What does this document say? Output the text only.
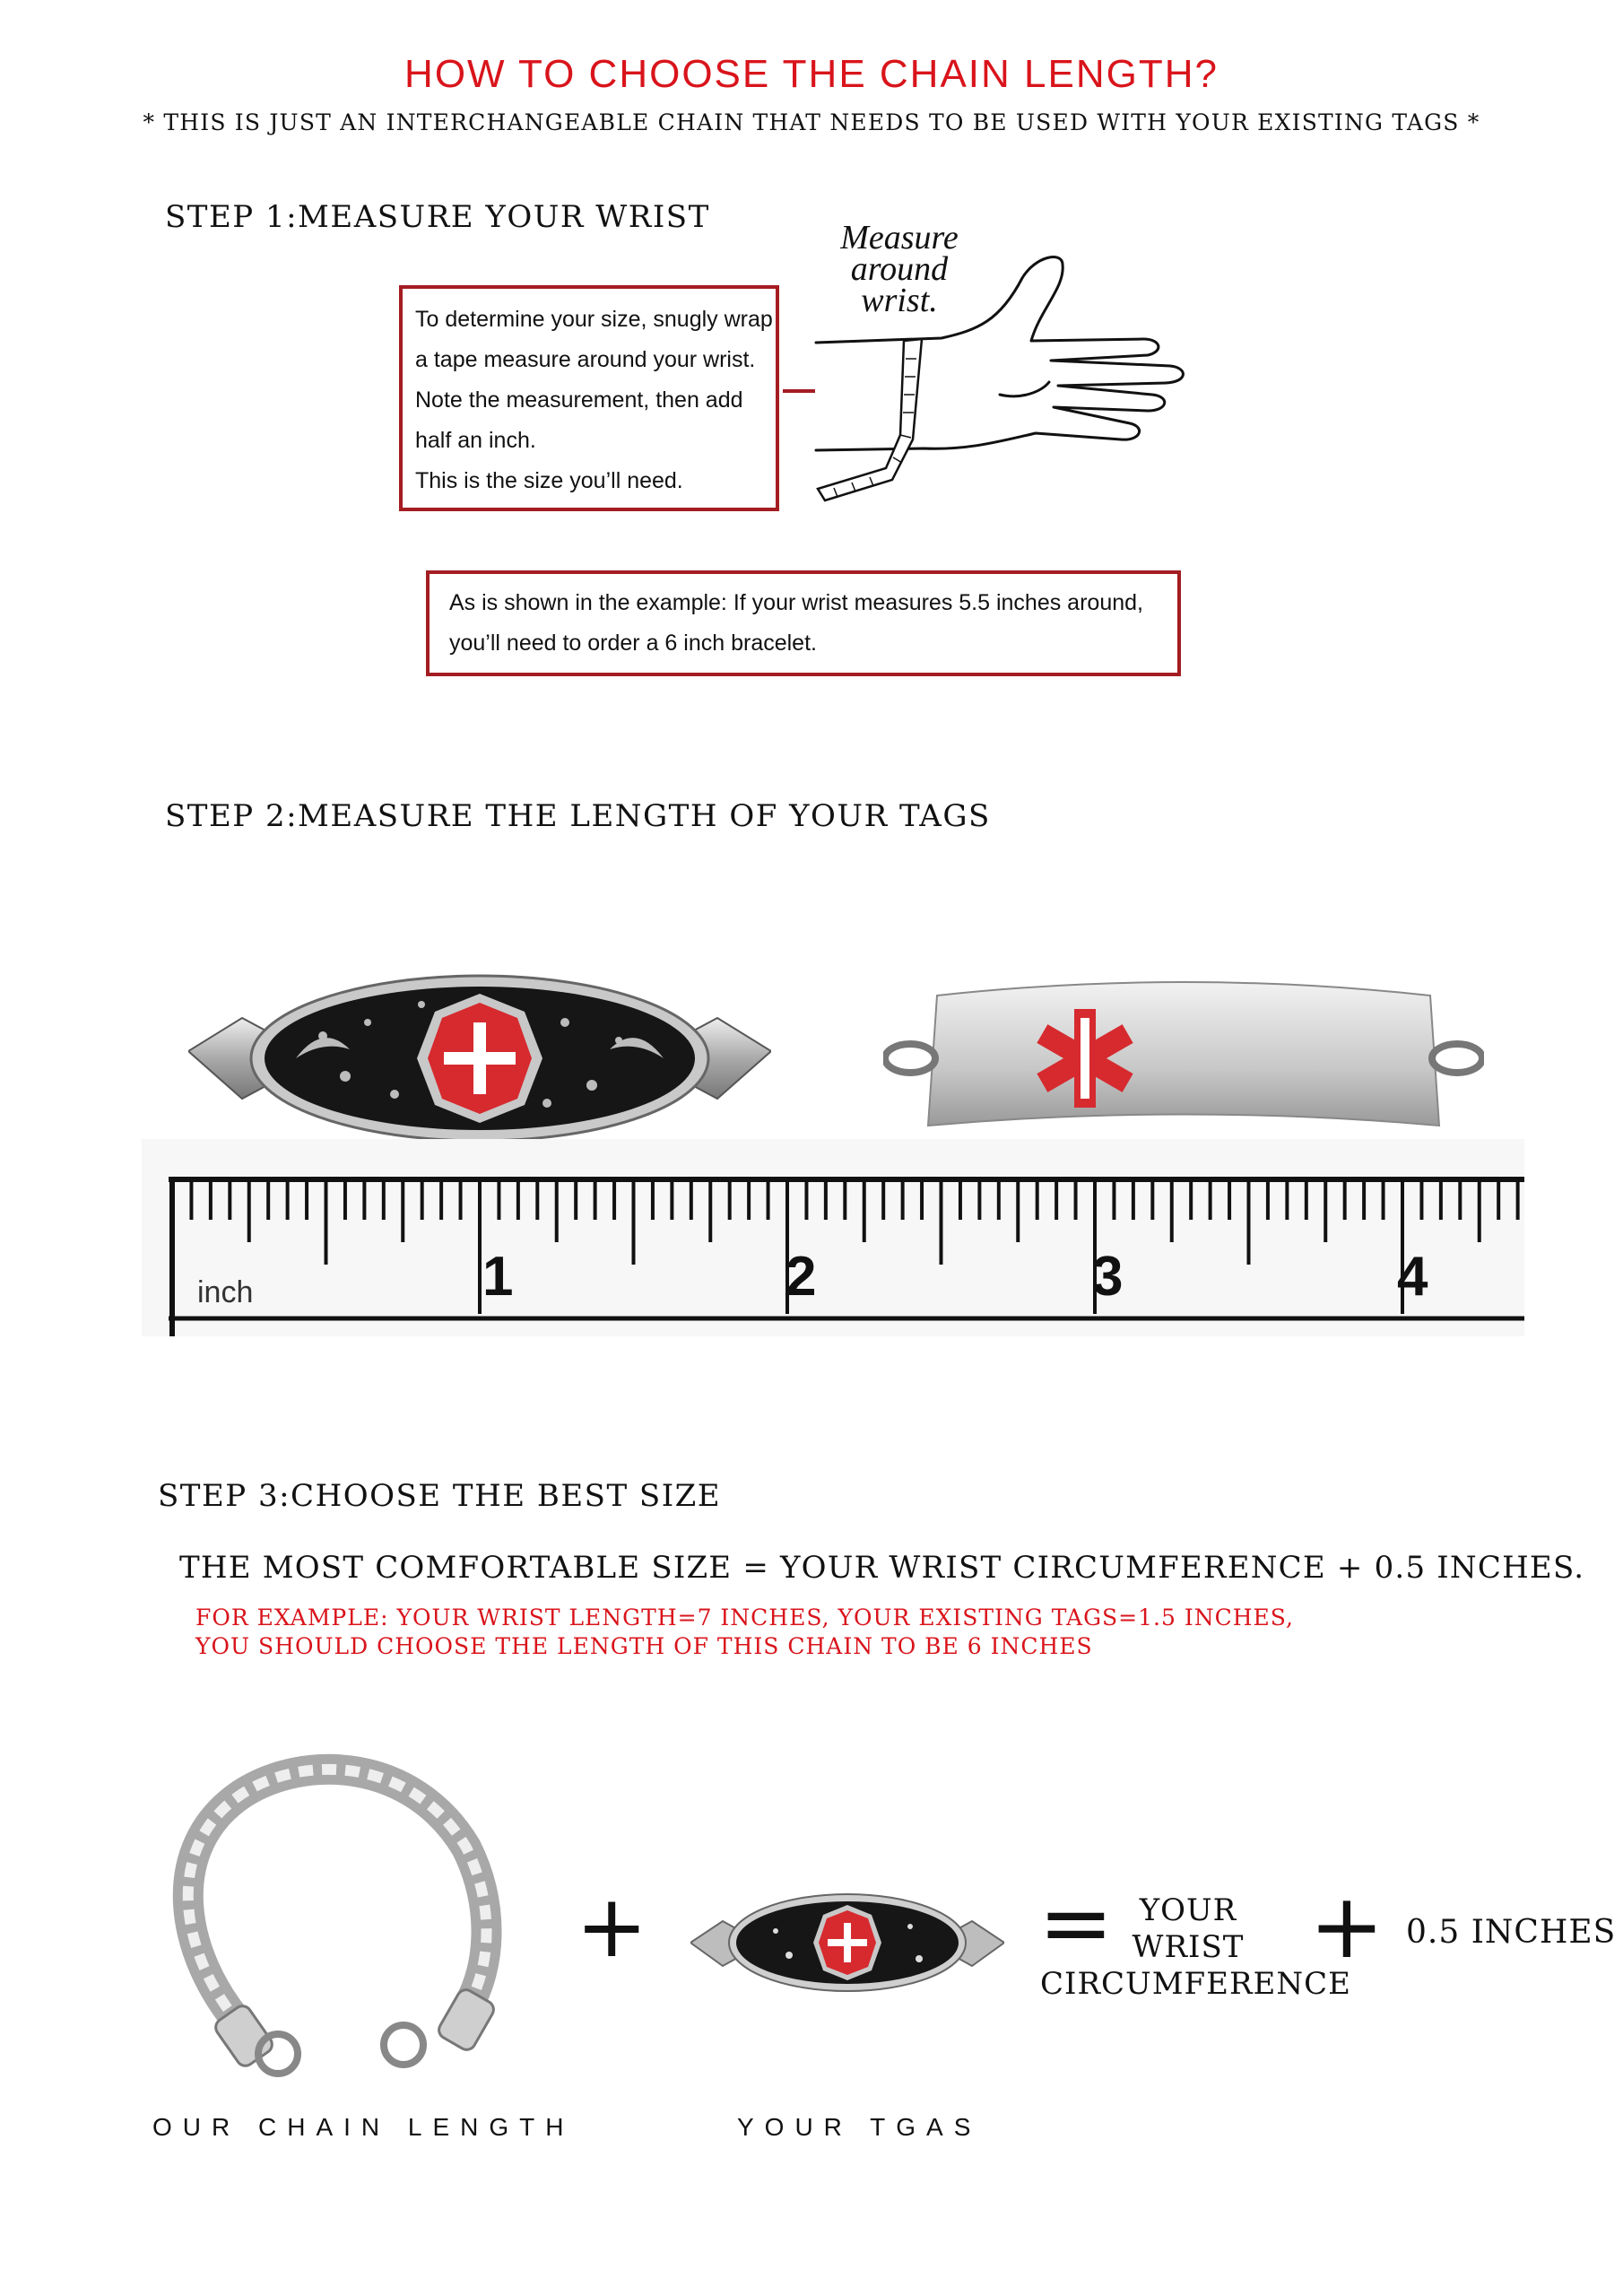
HOW TO CHOOSE THE CHAIN LENGTH?
* THIS IS JUST AN INTERCHANGEABLE CHAIN THAT NEEDS TO BE USED WITH YOUR EXISTING TAGS *
STEP 1:MEASURE YOUR WRIST
To determine your size, snugly wrap
a tape measure around your wrist.
Note the measurement, then add
half an inch.
This is the size you’ll need.
Measure
around
wrist.
As is shown in the example: If your wrist measures 5.5 inches around,
you’ll need to order a 6 inch bracelet.
STEP 2:MEASURE THE LENGTH OF YOUR TAGS
inch	1	2	3	4
STEP 3:CHOOSE THE BEST SIZE
THE MOST COMFORTABLE SIZE = YOUR WRIST CIRCUMFERENCE + 0.5 INCHES.
FOR EXAMPLE: YOUR WRIST LENGTH=7 INCHES, YOUR EXISTING TAGS=1.5 INCHES,
YOU SHOULD CHOOSE THE LENGTH OF THIS CHAIN TO BE 6 INCHES
+	= YOUR
WRIST
CIRCUMFERENCE
+ 0.5 INCHES
OUR CHAIN LENGTH	YOUR TGAS
